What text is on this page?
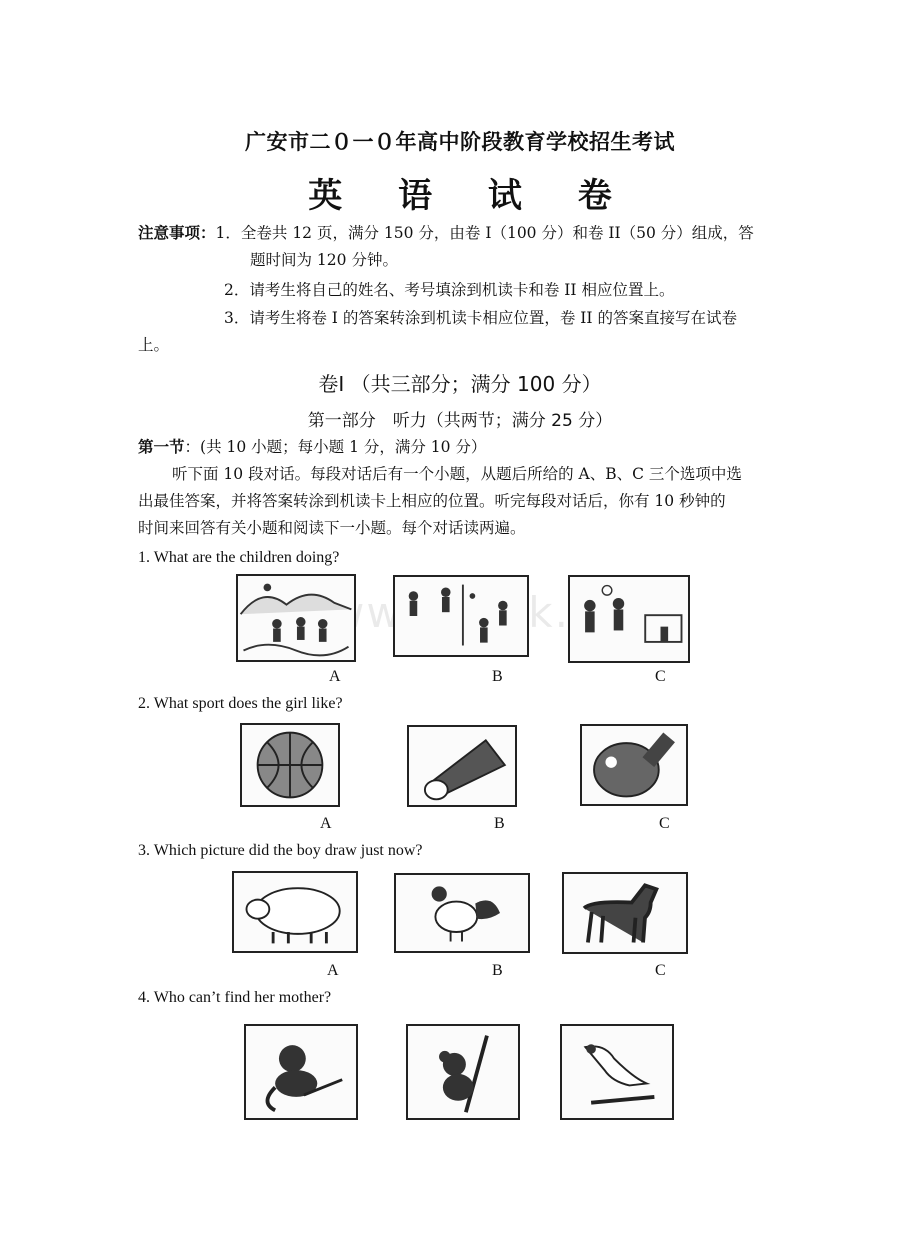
广安市二０一０年高中阶段教育学校招生考试
英 语 试 卷
注意事项：1．全卷共 12 页，满分 150 分，由卷 I（100 分）和卷 II（50 分）组成，答
题时间为 120 分钟。
2．请考生将自己的姓名、考号填涂到机读卡和卷 II 相应位置上。
3．请考生将卷 I 的答案转涂到机读卡相应位置，卷 II 的答案直接写在试卷
上。
卷Ⅰ （共三部分；满分 100 分）
第一部分　听力（共两节；满分 25 分）
第一节：(共 10 小题；每小题 1 分，满分 10 分）
听下面 10 段对话。每段对话后有一个小题，从题后所给的 A、B、C 三个选项中选
出最佳答案，并将答案转涂到机读卡上相应的位置。听完每段对话后，你有 10 秒钟的
时间来回答有关小题和阅读下一小题。每个对话读两遍。
1. What are the children doing?
A	B	C
2. What sport does the girl like?
A	B	C
3. Which picture did the boy draw just now?
A	B	C
4. Who can’t find her mother?
